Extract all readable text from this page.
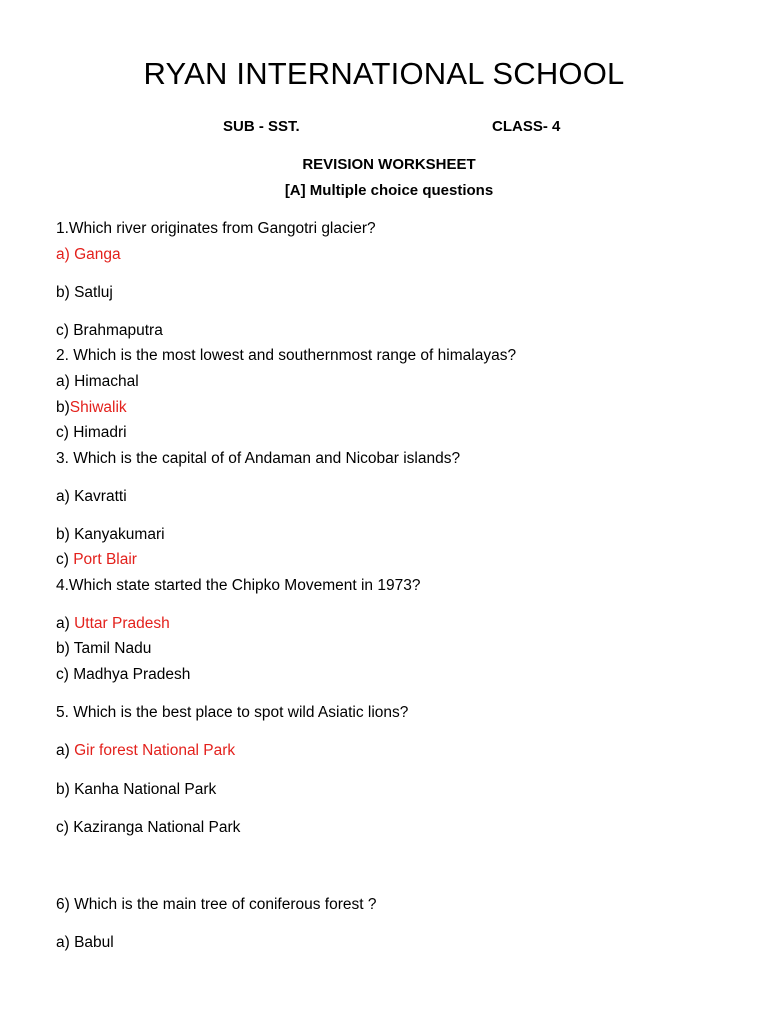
RYAN INTERNATIONAL SCHOOL
SUB - SST.	CLASS- 4
REVISION WORKSHEET
[A] Multiple choice questions
1.Which river originates from Gangotri glacier?
a) Ganga
b) Satluj
c) Brahmaputra
2. Which is the most lowest and southernmost range of himalayas?
a) Himachal
b)Shiwalik
c) Himadri
3. Which is the capital of of Andaman and Nicobar islands?
a) Kavratti
b) Kanyakumari
c) Port Blair
4.Which state started the Chipko Movement in 1973?
a) Uttar Pradesh
b) Tamil Nadu
c) Madhya Pradesh
5. Which is the best place to spot wild Asiatic lions?
a) Gir forest National Park
b) Kanha National Park
c) Kaziranga National Park
6) Which is the main tree of coniferous forest ?
a) Babul
